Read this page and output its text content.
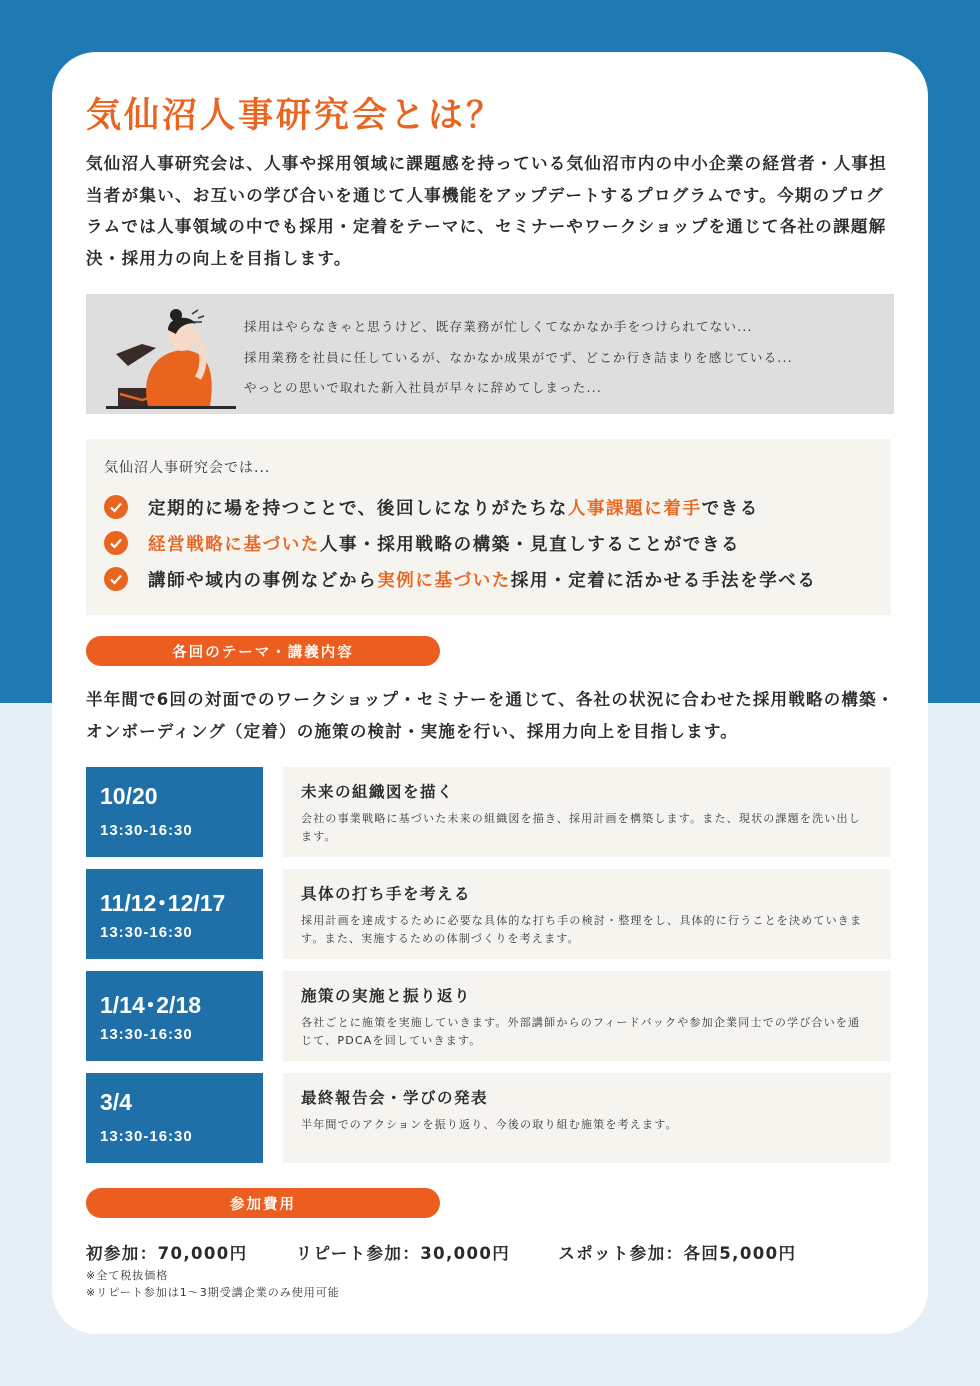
気仙沼人事研究会とは？
気仙沼人事研究会は、人事や採用領域に課題感を持っている気仙沼市内の中小企業の経営者・人事担当者が集い、お互いの学び合いを通じて人事機能をアップデートするプログラムです。今期のプログラムでは人事領域の中でも採用・定着をテーマに、セミナーやワークショップを通じて各社の課題解決・採用力の向上を目指します。
採用はやらなきゃと思うけど、既存業務が忙しくてなかなか手をつけられてない...
採用業務を社員に任しているが、なかなか成果がでず、どこか行き詰まりを感じている...
やっとの思いで取れた新入社員が早々に辞めてしまった...
気仙沼人事研究会では...
定期的に場を持つことで、後回しになりがたちな人事課題に着手できる
経営戦略に基づいた人事・採用戦略の構築・見直しすることができる
講師や域内の事例などから実例に基づいた採用・定着に活かせる手法を学べる
各回のテーマ・講義内容
半年間で6回の対面でのワークショップ・セミナーを通じて、各社の状況に合わせた採用戦略の構築・オンボーディング（定着）の施策の検討・実施を行い、採用力向上を目指します。
10/20
13:30-16:30
未来の組織図を描く
会社の事業戦略に基づいた未来の組織図を描き、採用計画を構築します。また、現状の課題を洗い出します。
11/12･12/17
13:30-16:30
具体の打ち手を考える
採用計画を達成するために必要な具体的な打ち手の検討・整理をし、具体的に行うことを決めていきます。また、実施するための体制づくりを考えます。
1/14･2/18
13:30-16:30
施策の実施と振り返り
各社ごとに施策を実施していきます。外部講師からのフィードバックや参加企業同士での学び合いを通じて、PDCAを回していきます。
3/4
13:30-16:30
最終報告会・学びの発表
半年間でのアクションを振り返り、今後の取り組む施策を考えます。
参加費用
初参加：70,000円	リピート参加：30,000円	スポット参加：各回5,000円
※全て税抜価格
※リピート参加は1〜3期受講企業のみ使用可能
